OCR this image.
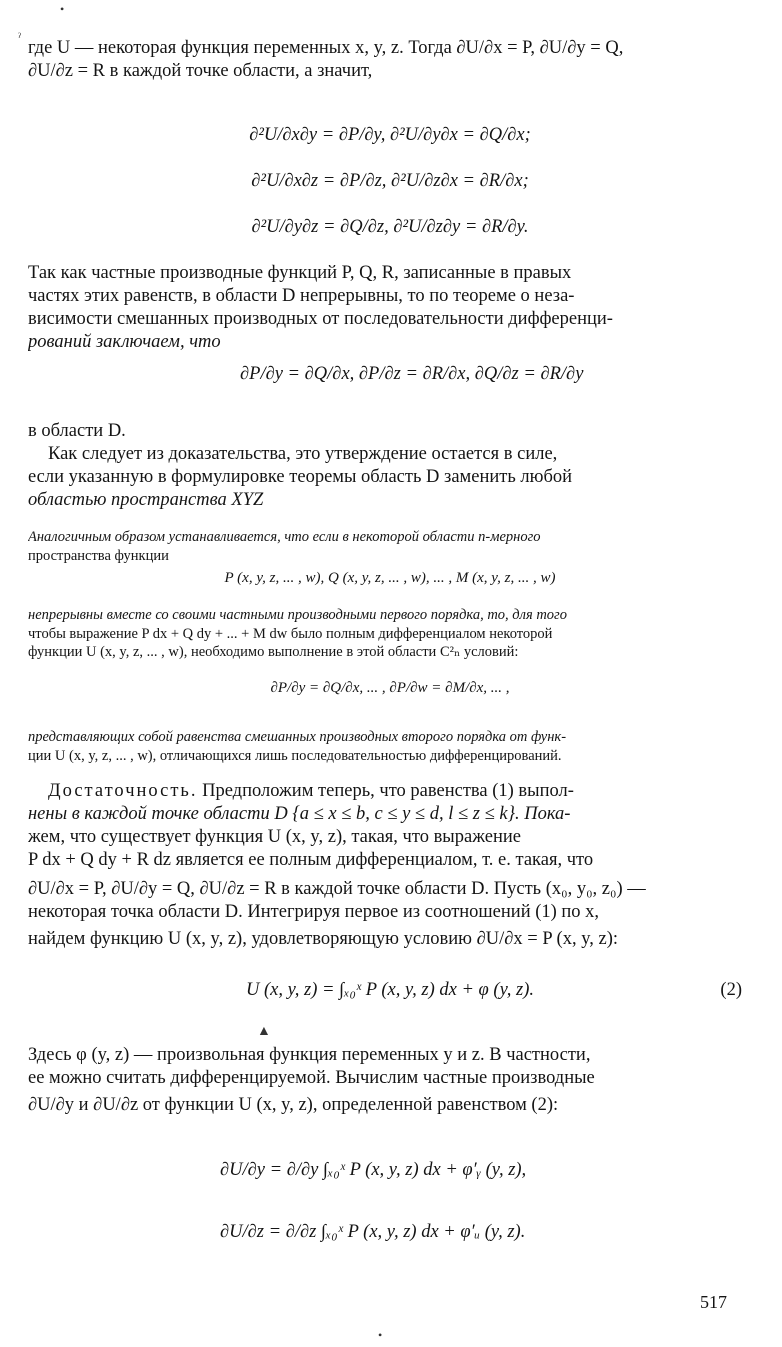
•
ˀ

где U — некоторая функция переменных x, y, z. Тогда ∂U/∂x = P, ∂U/∂y = Q,
∂U/∂z = R в каждой точке области, а значит,

∂²U/∂x∂y = ∂P/∂y, ∂²U/∂y∂x = ∂Q/∂x;
∂²U/∂x∂z = ∂P/∂z, ∂²U/∂z∂x = ∂R/∂x;
∂²U/∂y∂z = ∂Q/∂z, ∂²U/∂z∂y = ∂R/∂y.

Так как частные производные функций P, Q, R, записанные в правых
частях этих равенств, в области D непрерывны, то по теореме о неза-
висимости смешанных производных от последовательности дифференци-
рований заключаем, что

∂P/∂y = ∂Q/∂x, ∂P/∂z = ∂R/∂x, ∂Q/∂z = ∂R/∂y

в области D.

Как следует из доказательства, это утверждение остается в силе,
если указанную в формулировке теоремы область D заменить любой
областью пространства XYZ

Аналогичным образом устанавливается, что если в некоторой области n-мерного
пространства функции

P (x, y, z, ... , w), Q (x, y, z, ... , w), ... , M (x, y, z, ... , w)

непрерывны вместе со своими частными производными первого порядка, то, для того
чтобы выражение P dx + Q dy + ... + M dw было полным дифференциалом некоторой
функции U (x, y, z, ... , w), необходимо выполнение в этой области C²ₙ условий:

∂P/∂y = ∂Q/∂x, ... , ∂P/∂w = ∂M/∂x, ... ,

представляющих собой равенства смешанных производных второго порядка от функ-
ции U (x, y, z, ... , w), отличающихся лишь последовательностью дифференцирований.

Достаточность. Предположим теперь, что равенства (1) выпол-
нены в каждой точке области D {a ≤ x ≤ b, c ≤ y ≤ d, l ≤ z ≤ k}. Пока-
жем, что существует функция U (x, y, z), такая, что выражение
P dx + Q dy + R dz является ее полным дифференциалом, т. е. такая, что
∂U/∂x = P, ∂U/∂y = Q, ∂U/∂z = R в каждой точке области D. Пусть (x₀, y₀, z₀) —
некоторая точка области D. Интегрируя первое из соотношений (1) по x,
найдем функцию U (x, y, z), удовлетворяющую условию ∂U/∂x = P (x, y, z):

U (x, y, z) = ∫ₓ₀ˣ P (x, y, z) dx + φ (y, z).	(2)
▲

Здесь φ (y, z) — произвольная функция переменных y и z. В частности,
ее можно считать дифференцируемой. Вычислим частные производные
∂U/∂y и ∂U/∂z от функции U (x, y, z), определенной равенством (2):

∂U/∂y = ∂/∂y ∫ₓ₀ˣ P (x, y, z) dx + φ′ᵧ (y, z),
∂U/∂z = ∂/∂z ∫ₓ₀ˣ P (x, y, z) dx + φ′ᵤ (y, z).
517
•
